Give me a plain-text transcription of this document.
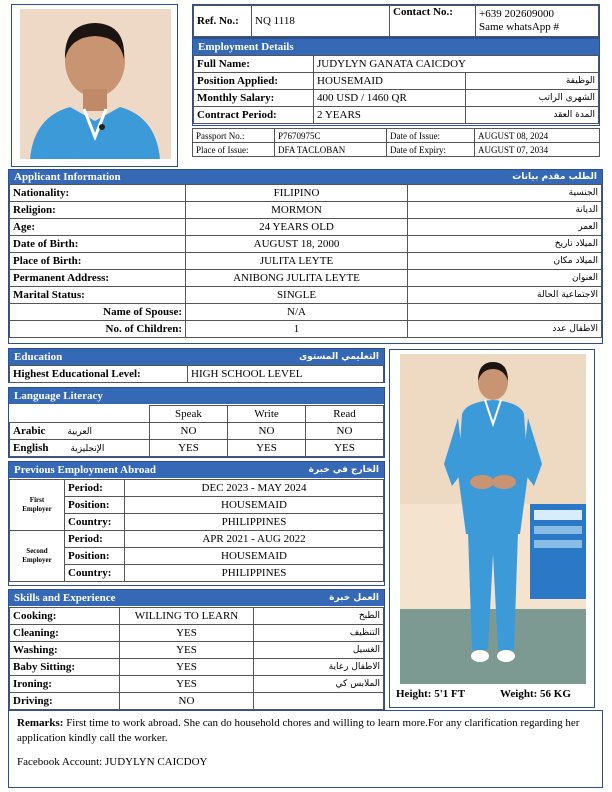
Ref. No.:	NQ 1118	Contact No.:	+639 202609000
Same whatsApp #
Employment Details
Full Name:	JUDYLYN GANATA CAICDOY	
Position Applied:	HOUSEMAID	الوظيفة
Monthly Salary:	400 USD / 1460 QR	الشهري الراتب
Contract Period:	2 YEARS	المدة العقد
Passport No.:	P7670975C	Date of Issue:	AUGUST 08, 2024
Place of Issue:	DFA TACLOBAN	Date of Expiry:	AUGUST 07, 2034
Applicant Information	الطلب مقدم بيانات
Nationality:	FILIPINO	الجنسية
Religion:	MORMON	الديانة
Age:	24 YEARS OLD	العمر
Date of Birth:	AUGUST 18, 2000	الميلاد تاريخ
Place of Birth:	JULITA LEYTE	الميلاد مكان
Permanent Address:	ANIBONG JULITA LEYTE	العنوان
Marital Status:	SINGLE	الاجتماعية الحالة
Name of Spouse:	N/A	
No. of Children:	1	الاطفال عدد
Education	التعليمي المستوى
Highest Educational Level:	HIGH SCHOOL LEVEL
Language Literacy
	Speak	Write	Read
Arabic العربية	NO	NO	NO
English الإنجليزية	YES	YES	YES
Previous Employment Abroad	الخارج في خبرة
First
Employer	Period:	DEC 2023 - MAY 2024
	Position:	HOUSEMAID
	Country:	PHILIPPINES

Second
Employer	Period:	APR 2021 - AUG 2022
	Position:	HOUSEMAID
	Country:	PHILIPPINES
Skills and Experience	العمل خبرة
Cooking:	WILLING TO LEARN	الطبخ
Cleaning:	YES	التنظيف
Washing:	YES	الغسيل
Baby Sitting:	YES	الاطفال رعاية
Ironing:	YES	الملابس كي
Driving:	NO	
Height: 5'1 FT	Weight: 56 KG
Remarks: First time to work abroad. She can do household chores and willing to learn more.For any clarification regarding her application kindly call the worker.
Facebook Account: JUDYLYN CAICDOY
